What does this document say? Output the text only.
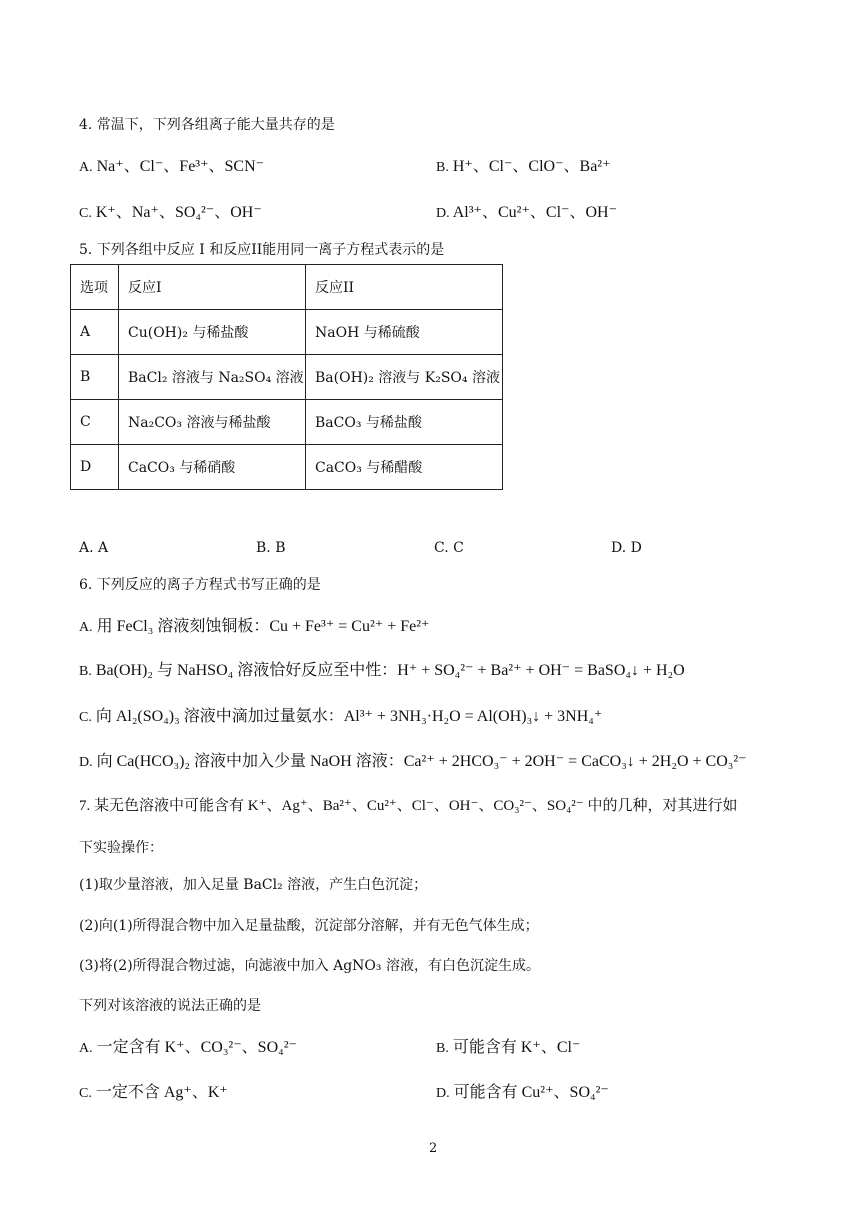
4. 常温下，下列各组离子能大量共存的是
A. Na⁺、Cl⁻、Fe³⁺、SCN⁻	B. H⁺、Cl⁻、ClO⁻、Ba²⁺
C. K⁺、Na⁺、SO₄²⁻、OH⁻	D. Al³⁺、Cu²⁺、Cl⁻、OH⁻
5. 下列各组中反应 I 和反应II能用同一离子方程式表示的是
选项	反应I	反应II
A	Cu(OH)₂ 与稀盐酸	NaOH 与稀硫酸
B	BaCl₂ 溶液与 Na₂SO₄ 溶液	Ba(OH)₂ 溶液与 K₂SO₄ 溶液
C	Na₂CO₃ 溶液与稀盐酸	BaCO₃ 与稀盐酸
D	CaCO₃ 与稀硝酸	CaCO₃ 与稀醋酸
A. A	B. B	C. C	D. D
6. 下列反应的离子方程式书写正确的是
A. 用 FeCl₃ 溶液刻蚀铜板：Cu + Fe³⁺ = Cu²⁺ + Fe²⁺
B. Ba(OH)₂ 与 NaHSO₄ 溶液恰好反应至中性：H⁺ + SO₄²⁻ + Ba²⁺ + OH⁻ = BaSO₄↓ + H₂O
C. 向 Al₂(SO₄)₃ 溶液中滴加过量氨水：Al³⁺ + 3NH₃·H₂O = Al(OH)₃↓ + 3NH₄⁺
D. 向 Ca(HCO₃)₂ 溶液中加入少量 NaOH 溶液：Ca²⁺ + 2HCO₃⁻ + 2OH⁻ = CaCO₃↓ + 2H₂O + CO₃²⁻
7. 某无色溶液中可能含有 K⁺、Ag⁺、Ba²⁺、Cu²⁺、Cl⁻、OH⁻、CO₃²⁻、SO₄²⁻ 中的几种，对其进行如
下实验操作：
(1)取少量溶液，加入足量 BaCl₂ 溶液，产生白色沉淀；
(2)向(1)所得混合物中加入足量盐酸，沉淀部分溶解，并有无色气体生成；
(3)将(2)所得混合物过滤，向滤液中加入 AgNO₃ 溶液，有白色沉淀生成。
下列对该溶液的说法正确的是
A. 一定含有 K⁺、CO₃²⁻、SO₄²⁻	B. 可能含有 K⁺、Cl⁻
C. 一定不含 Ag⁺、K⁺	D. 可能含有 Cu²⁺、SO₄²⁻
2
